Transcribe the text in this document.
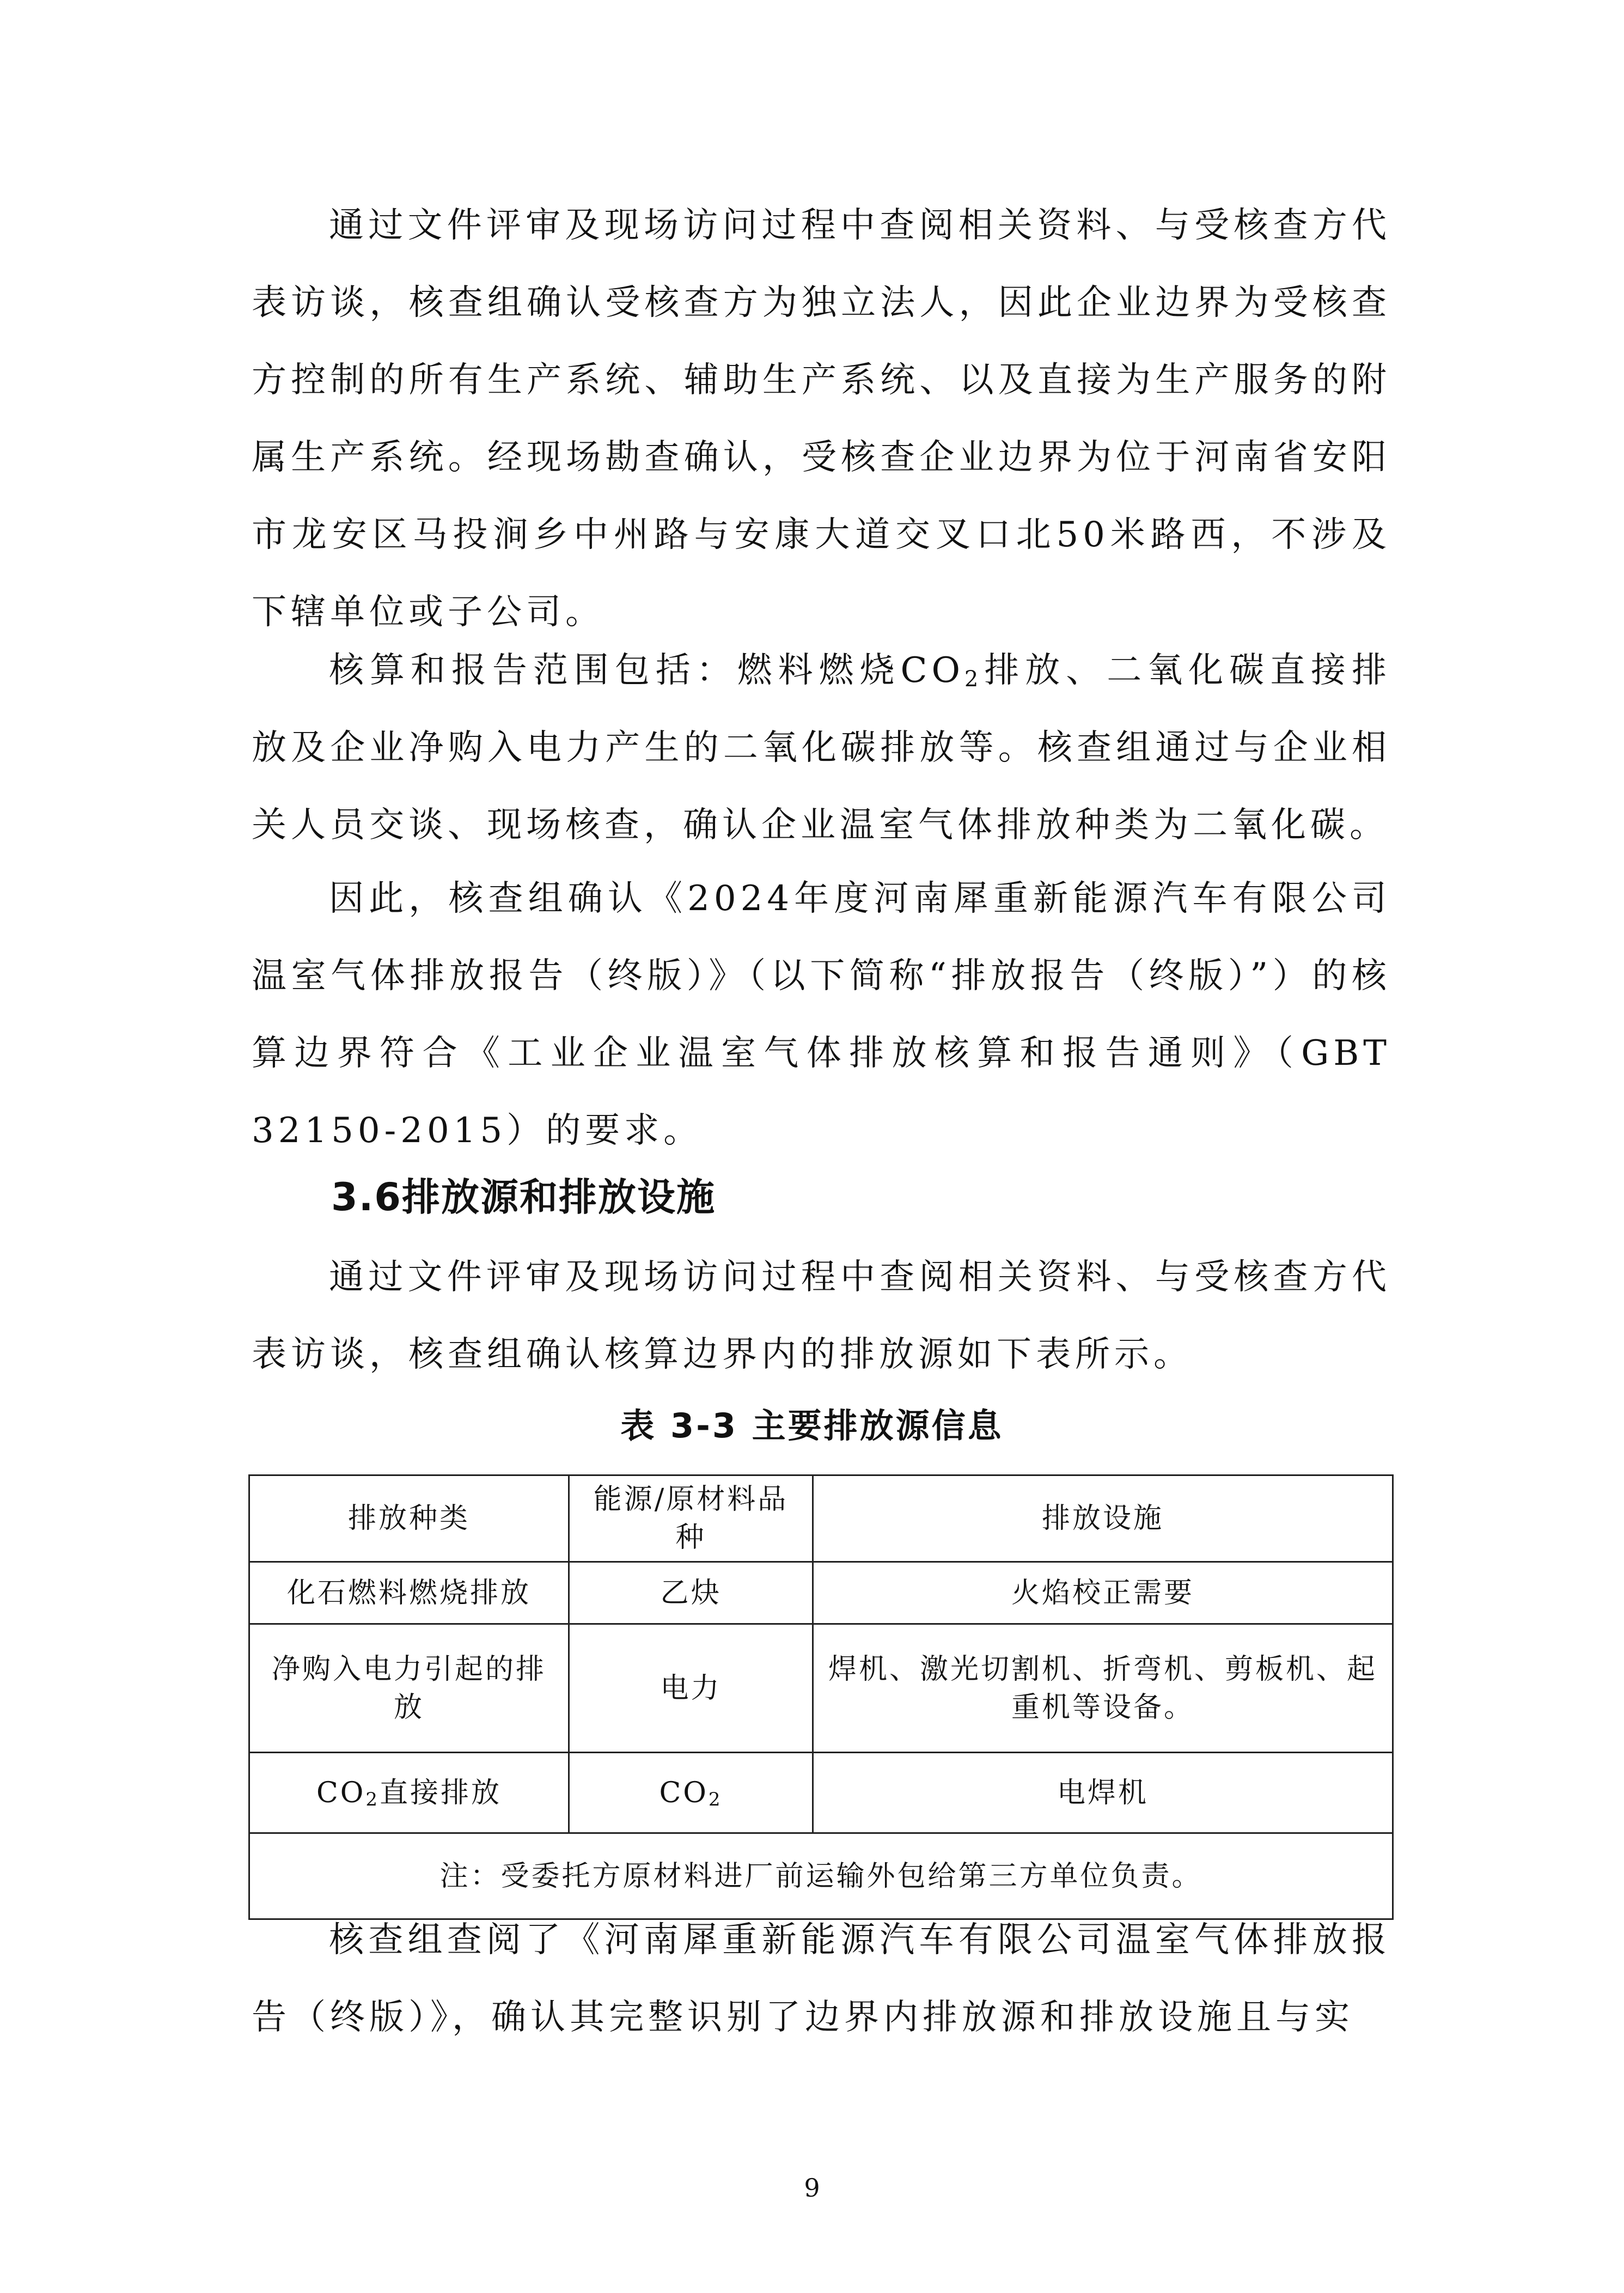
通过文件评审及现场访问过程中查阅相关资料、与受核查方代表访谈，核查组确认受核查方为独立法人，因此企业边界为受核查方控制的所有生产系统、辅助生产系统、以及直接为生产服务的附属生产系统。经现场勘查确认，受核查企业边界为位于河南省安阳市龙安区马投涧乡中州路与安康大道交叉口北50米路西，不涉及下辖单位或子公司。

核算和报告范围包括：燃料燃烧$CO_2$排放、二氧化碳直接排放及企业净购入电力产生的二氧化碳排放等。核查组通过与企业相关人员交谈、现场核查，确认企业温室气体排放种类为二氧化碳。

因此，核查组确认《2024年度河南犀重新能源汽车有限公司温室气体排放报告（终版）》（以下简称“排放报告（终版）”）的核算边界符合《工业企业温室气体排放核算和报告通则》（GBT 32150-2015）的要求。

3.6排放源和排放设施

通过文件评审及现场访问过程中查阅相关资料、与受核查方代表访谈，核查组确认核算边界内的排放源如下表所示。

表 3-3 主要排放源信息

排放种类	能源/原材料品种	排放设施
化石燃料燃烧排放	乙炔	火焰校正需要
净购入电力引起的排放	电力	焊机、激光切割机、折弯机、剪板机、起重机等设备。
$CO_2$直接排放	$CO_2$	电焊机
注：受委托方原材料进厂前运输外包给第三方单位负责。		

核查组查阅了《河南犀重新能源汽车有限公司温室气体排放报告（终版）》，确认其完整识别了边界内排放源和排放设施且与实

9
